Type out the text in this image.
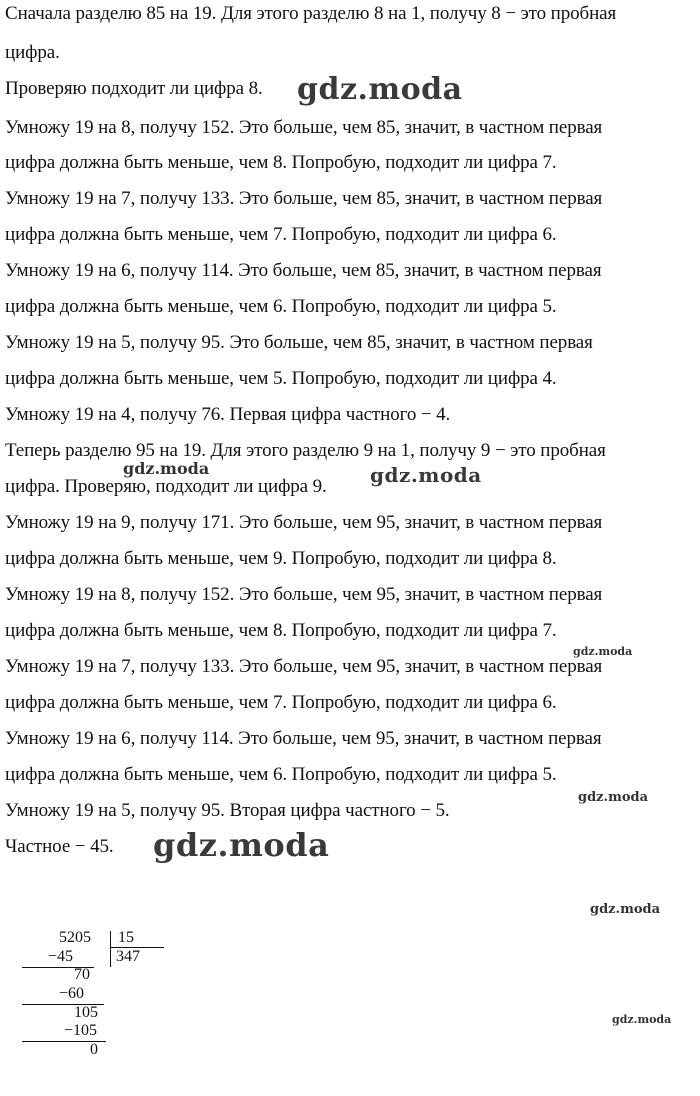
Сначала разделю 85 на 19. Для этого разделю 8 на 1, получу 8 − это пробная

цифра.

Проверяю подходит ли цифра 8.

Умножу 19 на 8, получу 152. Это больше, чем 85, значит, в частном первая

цифра должна быть меньше, чем 8. Попробую, подходит ли цифра 7.

Умножу 19 на 7, получу 133. Это больше, чем 85, значит, в частном первая

цифра должна быть меньше, чем 7. Попробую, подходит ли цифра 6.

Умножу 19 на 6, получу 114. Это больше, чем 85, значит, в частном первая

цифра должна быть меньше, чем 6. Попробую, подходит ли цифра 5.

Умножу 19 на 5, получу 95. Это больше, чем 85, значит, в частном первая

цифра должна быть меньше, чем 5. Попробую, подходит ли цифра 4.

Умножу 19 на 4, получу 76. Первая цифра частного − 4.

Теперь разделю 95 на 19. Для этого разделю 9 на 1, получу 9 − это пробная

цифра. Проверяю, подходит ли цифра 9.

Умножу 19 на 9, получу 171. Это больше, чем 95, значит, в частном первая

цифра должна быть меньше, чем 9. Попробую, подходит ли цифра 8.

Умножу 19 на 8, получу 152. Это больше, чем 95, значит, в частном первая

цифра должна быть меньше, чем 8. Попробую, подходит ли цифра 7.

Умножу 19 на 7, получу 133. Это больше, чем 95, значит, в частном первая

цифра должна быть меньше, чем 7. Попробую, подходит ли цифра 6.

Умножу 19 на 6, получу 114. Это больше, чем 95, значит, в частном первая

цифра должна быть меньше, чем 6. Попробую, подходит ли цифра 5.

Умножу 19 на 5, получу 95. Вторая цифра частного − 5.

Частное − 45.

gdz.moda
gdz.moda	gdz.moda
gdz.moda
gdz.moda
gdz.moda
gdz.moda
gdz.moda
5205 15
347
−45
70
−60
105
−105
0
